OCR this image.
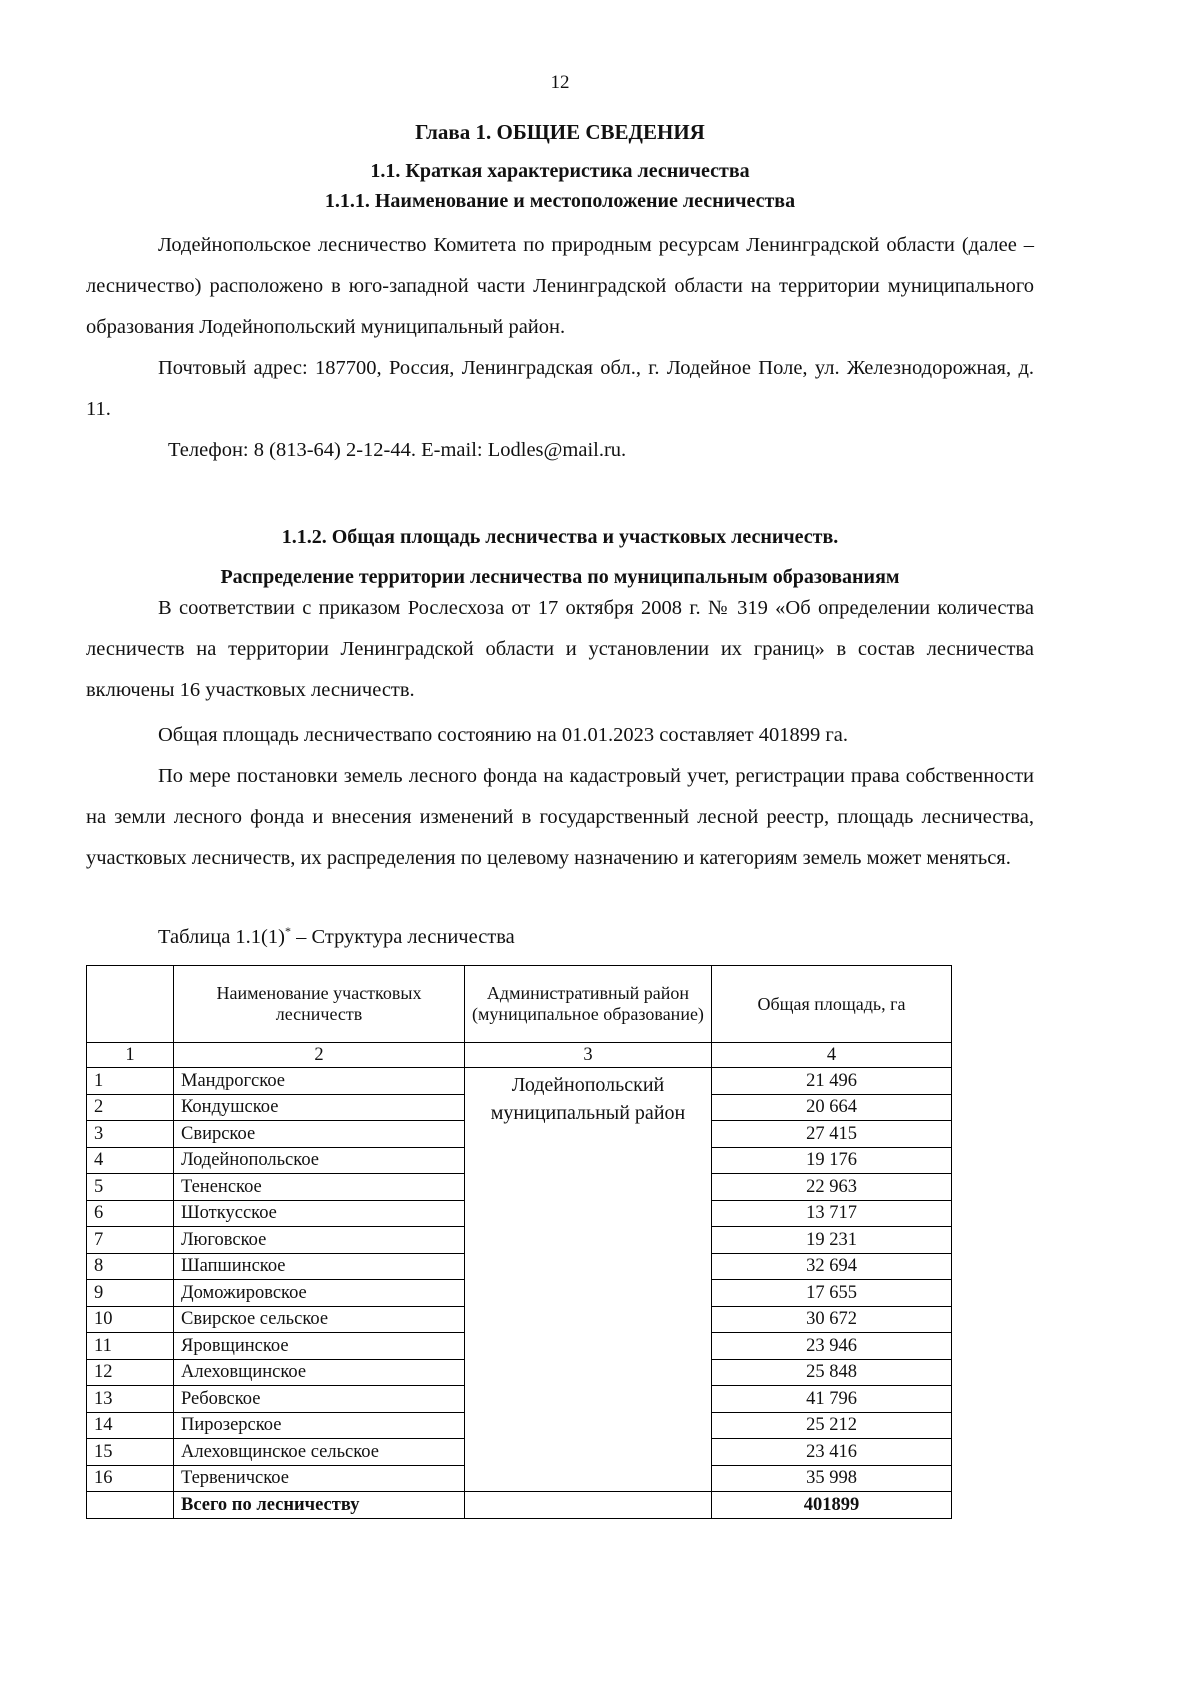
12
Глава 1. ОБЩИЕ СВЕДЕНИЯ
1.1. Краткая характеристика лесничества
1.1.1. Наименование и местоположение лесничества

Лодейнопольское лесничество Комитета по природным ресурсам Ленинградской области (далее – лесничество) расположено в юго-западной части Ленинградской области на территории муниципального образования Лодейнопольский муниципальный район.

Почтовый адрес: 187700, Россия, Ленинградская обл., г. Лодейное Поле, ул. Железнодорожная, д. 11.

Телефон: 8 (813-64) 2-12-44. E-mail: Lodles@mail.ru.

1.1.2. Общая площадь лесничества и участковых лесничеств.
Распределение территории лесничества по муниципальным образованиям

В соответствии с приказом Рослесхоза от 17 октября 2008 г. № 319 «Об определении количества лесничеств на территории Ленинградской области и установлении их границ» в состав лесничества включены 16 участковых лесничеств.

Общая площадь лесничествапо состоянию на 01.01.2023 составляет 401899 га.

По мере постановки земель лесного фонда на кадастровый учет, регистрации права собственности на земли лесного фонда и внесения изменений в государственный лесной реестр, площадь лесничества, участковых лесничеств, их распределения по целевому назначению и категориям земель может меняться.

Таблица 1.1(1)* – Структура лесничества
	Наименование участковых лесничеств	Административный район (муниципальное образование)	Общая площадь, га
1	2	3	4
1	Мандрогское	Лодейнопольский муниципальный район	21 496
2	Кондушское		20 664
3	Свирское		27 415
4	Лодейнопольское		19 176
5	Тененское		22 963
6	Шоткусское		13 717
7	Люговское		19 231
8	Шапшинское		32 694
9	Доможировское		17 655
10	Свирское сельское		30 672
11	Яровщинское		23 946
12	Алеховщинское		25 848
13	Ребовское		41 796
14	Пирозерское		25 212
15	Алеховщинское сельское		23 416
16	Тервеничское		35 998
	Всего по лесничеству		401899
